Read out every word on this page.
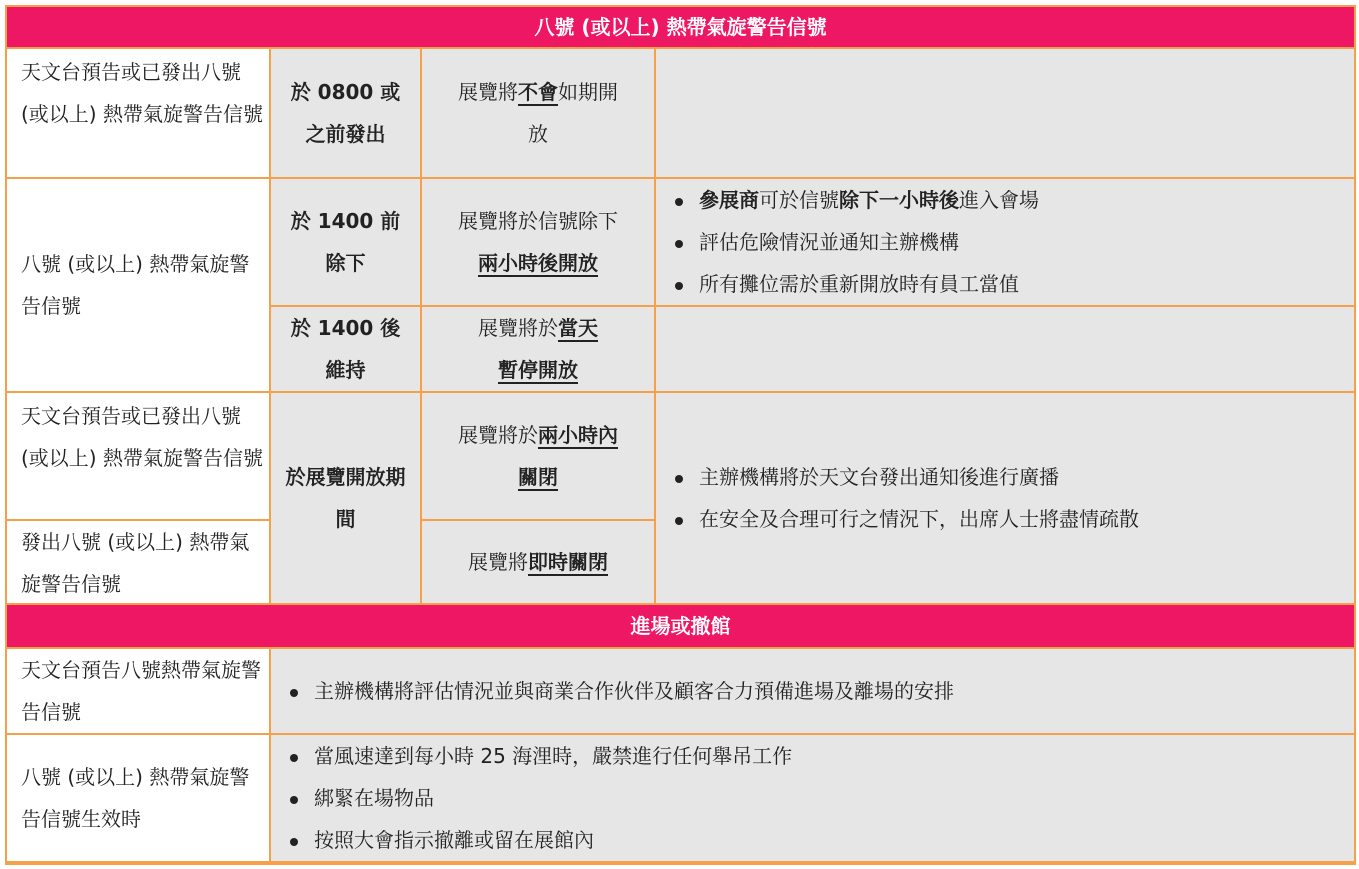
八號 (或以上) 熱帶氣旋警告信號
天文台預告或已發出八號 (或以上) 熱帶氣旋警告信號
於 0800 或之前發出
展覽將不會如期開放
八號 (或以上) 熱帶氣旋警告信號
於 1400 前除下
展覽將於信號除下
兩小時後開放
參展商可於信號除下一小時後進入會場
評估危險情況並通知主辦機構
所有攤位需於重新開放時有員工當值
於 1400 後維持
展覽將於當天
暫停開放
天文台預告或已發出八號 (或以上) 熱帶氣旋警告信號
發出八號 (或以上) 熱帶氣旋警告信號
於展覽開放期間
展覽將於兩小時內
關閉
展覽將即時關閉
主辦機構將於天文台發出通知後進行廣播
在安全及合理可行之情況下，出席人士將盡情疏散
進場或撤館
天文台預告八號熱帶氣旋警告信號
主辦機構將評估情況並與商業合作伙伴及顧客合力預備進場及離場的安排
八號 (或以上) 熱帶氣旋警告信號生效時
當風速達到每小時 25 海浬時，嚴禁進行任何舉吊工作
綁緊在場物品
按照大會指示撤離或留在展館內
